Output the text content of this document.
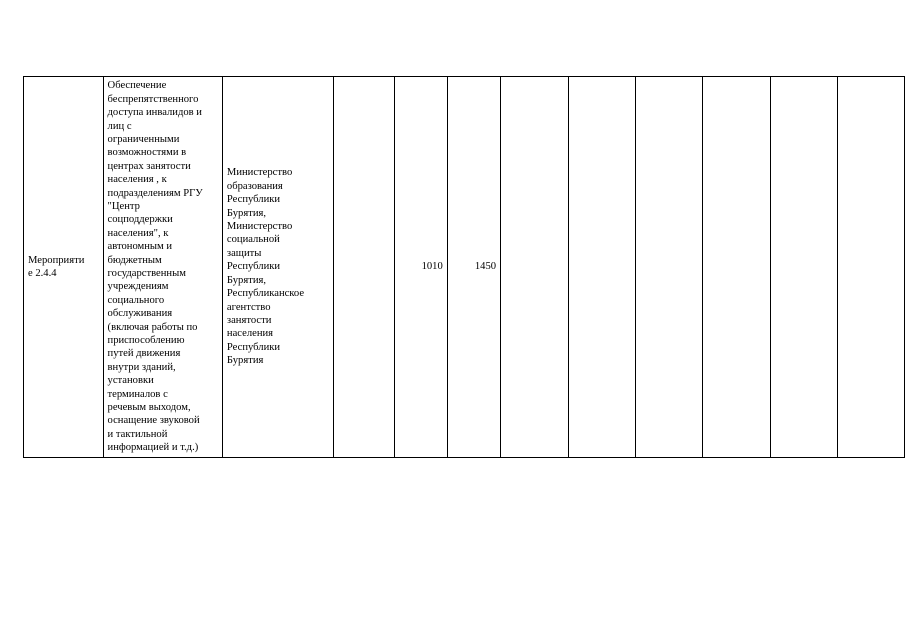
Мероприяти
е 2.4.4

Обеспечение
беспрепятственного
доступа инвалидов и
лиц с
ограниченными
возможностями в
центрах занятости
населения , к
подразделениям РГУ
"Центр
соцподдержки
населения", к
автономным и
бюджетным
государственным
учреждениям
социального
обслуживания
(включая работы по
приспособлению
путей движения
внутри зданий,
установки
терминалов с
речевым выходом,
оснащение звуковой
и тактильной
информацией и т.д.)

Министерство
образования
Республики
Бурятия,
Министерство
социальной
защиты
Республики
Бурятия,
Республиканское
агентство
занятости
населения
Республики
Бурятия

	1010	1450						
